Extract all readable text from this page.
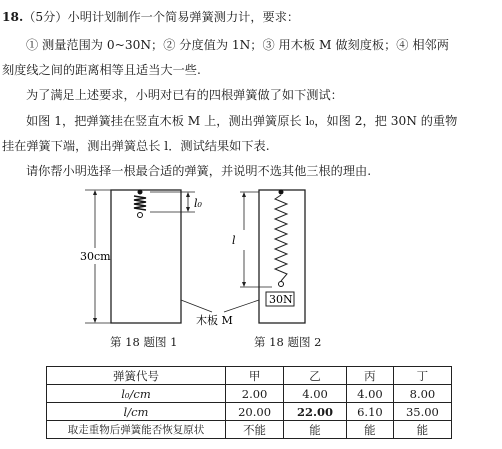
18.（5分）小明计划制作一个简易弹簧测力计，要求：
① 测量范围为 0~30N；② 分度值为 1N；③ 用木板 M 做刻度板；④ 相邻两
刻度线之间的距离相等且适当大一些.
为了满足上述要求，小明对已有的四根弹簧做了如下测试：
如图 1，把弹簧挂在竖直木板 M 上，测出弹簧原长 l₀，如图 2，把 30N 的重物
挂在弹簧下端，测出弹簧总长 l．测试结果如下表.
请你帮小明选择一根最合适的弹簧，并说明不选其他三根的理由.
l₀
30cm
30N
l
木板 M
第 18 题图 1	第 18 题图 2
弹簧代号	甲	乙	丙	丁
l₀/cm	2.00	4.00	4.00	8.00
l/cm	20.00	22.00	6.10	35.00
取走重物后弹簧能否恢复原状	不能	能	能	能
